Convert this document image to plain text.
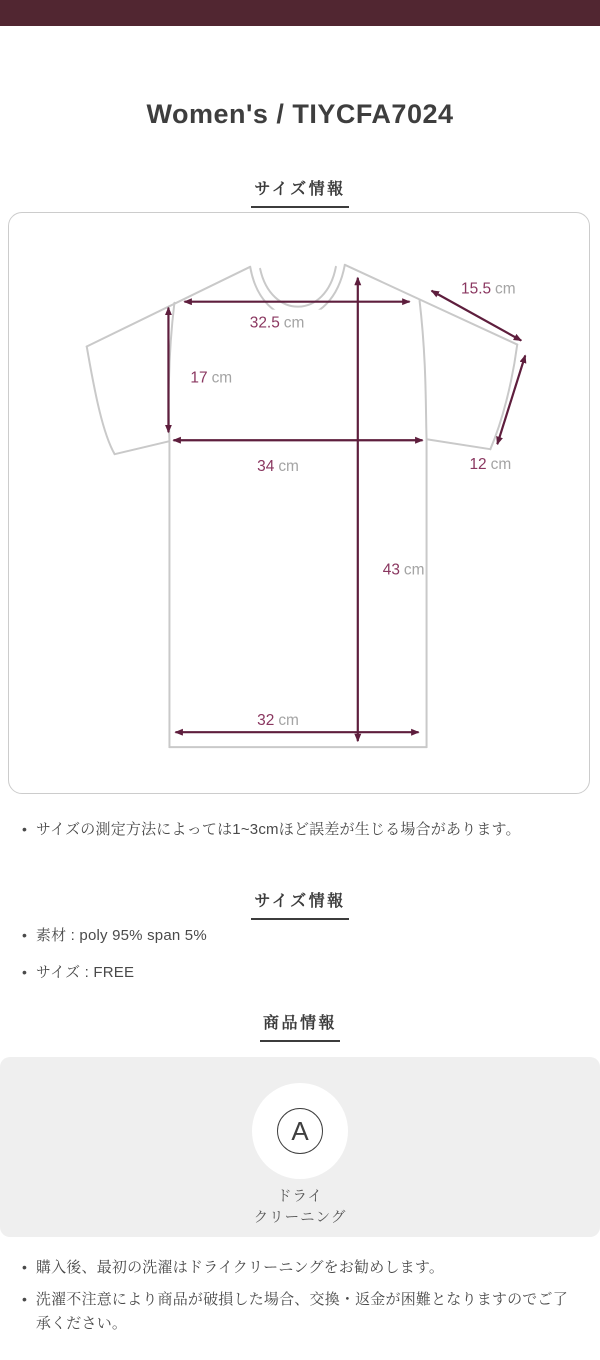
Women's / TIYCFA7024
サイズ情報
32.5 cm
17 cm
34 cm
15.5 cm
12 cm
43 cm
32 cm
• サイズの測定方法によっては1~3cmほど誤差が生じる場合があります。
サイズ情報
• 素材 : poly 95% span 5%
• サイズ : FREE
商品情報
A
ドライ
クリーニング
• 購入後、最初の洗濯はドライクリーニングをお勧めします。
• 洗濯不注意により商品が破損した場合、交換・返金が困難となりますのでご了承ください。
